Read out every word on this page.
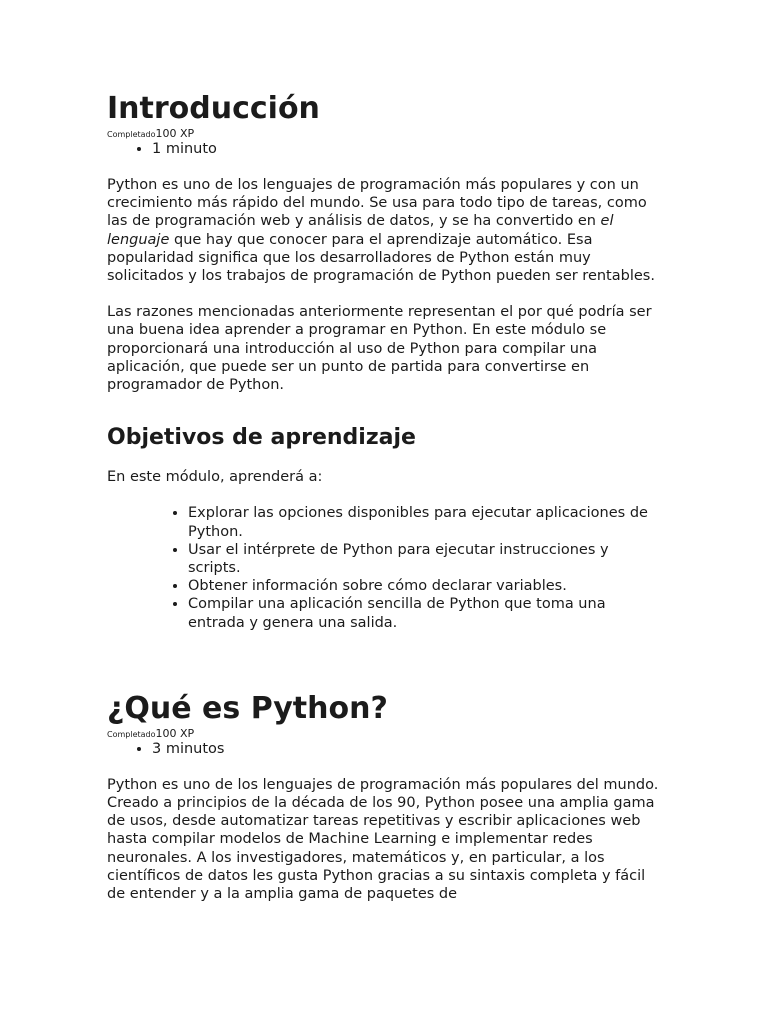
Introducción
Completado100 XP
• 1 minuto

Python es uno de los lenguajes de programación más populares y con un crecimiento más rápido del mundo. Se usa para todo tipo de tareas, como las de programación web y análisis de datos, y se ha convertido en el lenguaje que hay que conocer para el aprendizaje automático. Esa popularidad significa que los desarrolladores de Python están muy solicitados y los trabajos de programación de Python pueden ser rentables.

Las razones mencionadas anteriormente representan el por qué podría ser una buena idea aprender a programar en Python. En este módulo se proporcionará una introducción al uso de Python para compilar una aplicación, que puede ser un punto de partida para convertirse en programador de Python.

Objetivos de aprendizaje

En este módulo, aprenderá a:

• Explorar las opciones disponibles para ejecutar aplicaciones de Python.
• Usar el intérprete de Python para ejecutar instrucciones y scripts.
• Obtener información sobre cómo declarar variables.
• Compilar una aplicación sencilla de Python que toma una entrada y genera una salida.
¿Qué es Python?
Completado100 XP
• 3 minutos

Python es uno de los lenguajes de programación más populares del mundo. Creado a principios de la década de los 90, Python posee una amplia gama de usos, desde automatizar tareas repetitivas y escribir aplicaciones web hasta compilar modelos de Machine Learning e implementar redes neuronales. A los investigadores, matemáticos y, en particular, a los científicos de datos les gusta Python gracias a su sintaxis completa y fácil de entender y a la amplia gama de paquetes de
